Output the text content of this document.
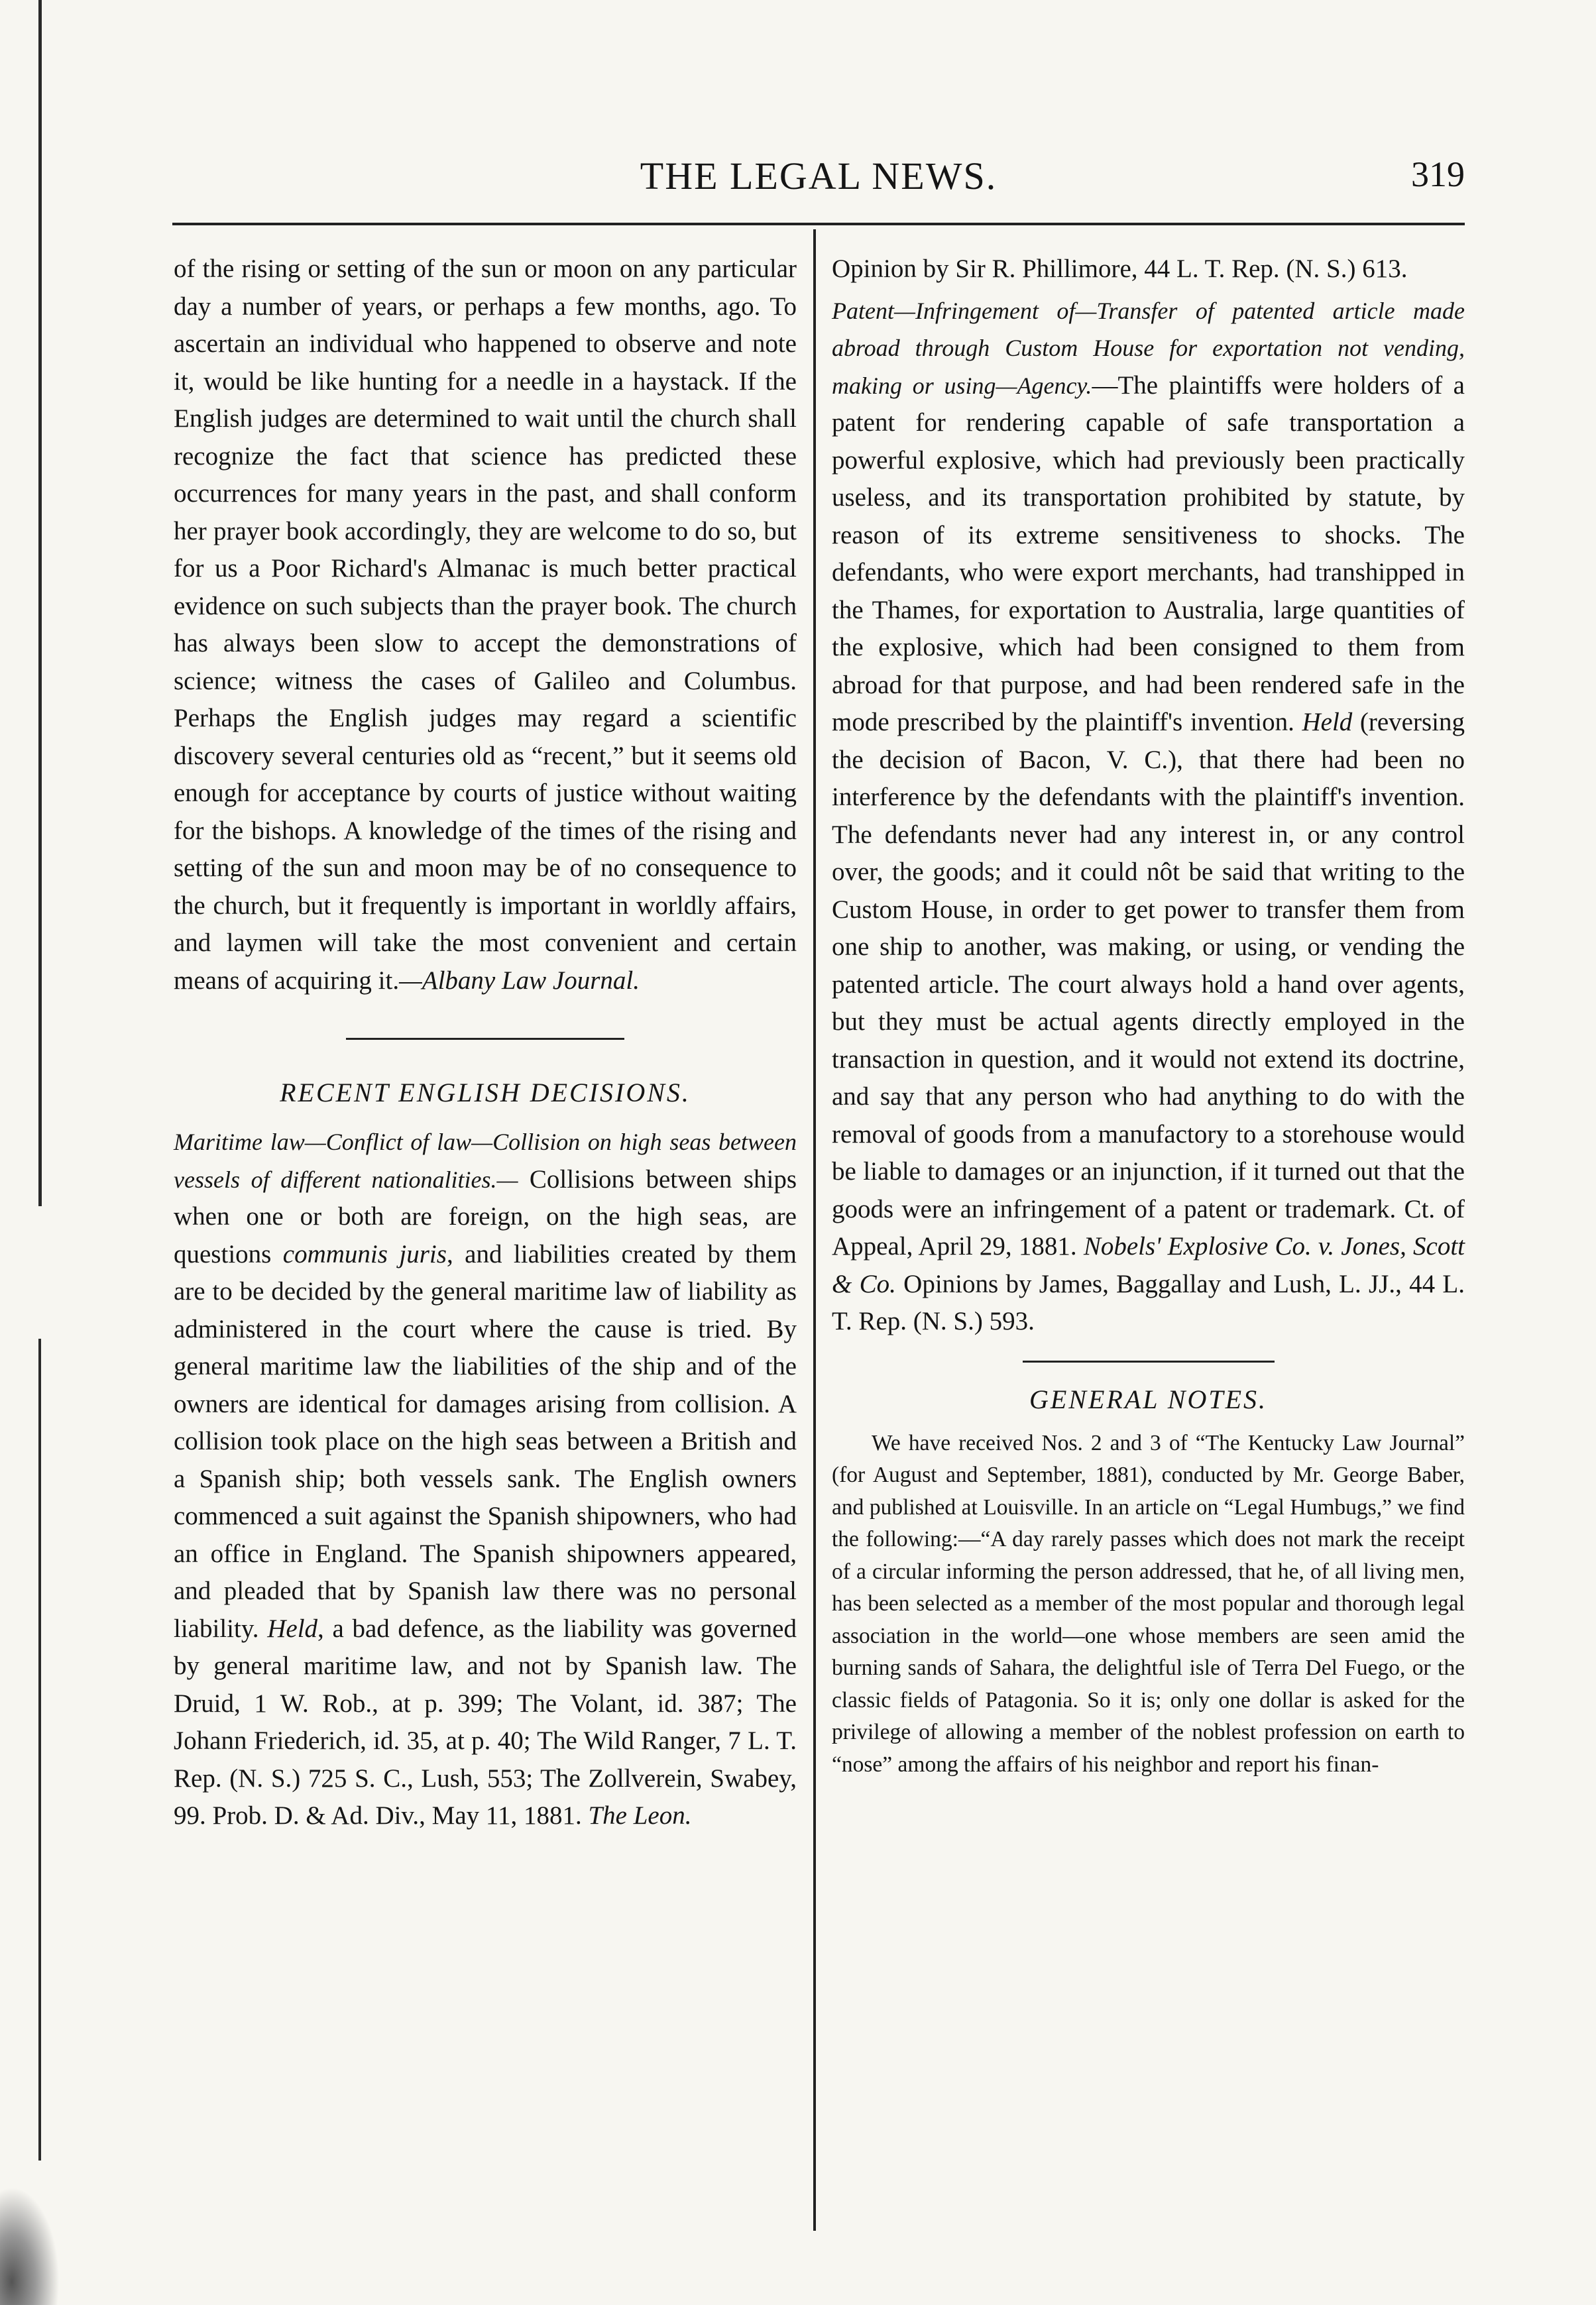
THE LEGAL NEWS.	319

of the rising or setting of the sun or moon on any particular day a number of years, or perhaps a few months, ago. To ascertain an individual who happened to observe and note it, would be like hunting for a needle in a haystack. If the English judges are determined to wait until the church shall recognize the fact that science has predicted these occurrences for many years in the past, and shall conform her prayer book accordingly, they are welcome to do so, but for us a Poor Richard's Almanac is much better practical evidence on such subjects than the prayer book. The church has always been slow to accept the demonstrations of science; witness the cases of Galileo and Columbus. Perhaps the English judges may regard a scientific discovery several centuries old as “recent,” but it seems old enough for acceptance by courts of justice without waiting for the bishops. A knowledge of the times of the rising and setting of the sun and moon may be of no consequence to the church, but it frequently is important in worldly affairs, and laymen will take the most convenient and certain means of acquiring it.—Albany Law Journal.

RECENT ENGLISH DECISIONS.

Maritime law—Conflict of law—Collision on high seas between vessels of different nationalities.— Collisions between ships when one or both are foreign, on the high seas, are questions communis juris, and liabilities created by them are to be decided by the general maritime law of liability as administered in the court where the cause is tried. By general maritime law the liabilities of the ship and of the owners are identical for damages arising from collision. A collision took place on the high seas between a British and a Spanish ship; both vessels sank. The English owners commenced a suit against the Spanish shipowners, who had an office in England. The Spanish shipowners appeared, and pleaded that by Spanish law there was no personal liability. Held, a bad defence, as the liability was governed by general maritime law, and not by Spanish law. The Druid, 1 W. Rob., at p. 399; The Volant, id. 387; The Johann Friederich, id. 35, at p. 40; The Wild Ranger, 7 L. T. Rep. (N. S.) 725 S. C., Lush, 553; The Zollverein, Swabey, 99. Prob. D. & Ad. Div., May 11, 1881. The Leon.

Opinion by Sir R. Phillimore, 44 L. T. Rep. (N. S.) 613.

Patent—Infringement of—Transfer of patented article made abroad through Custom House for exportation not vending, making or using—Agency.—The plaintiffs were holders of a patent for rendering capable of safe transportation a powerful explosive, which had previously been practically useless, and its transportation prohibited by statute, by reason of its extreme sensitiveness to shocks. The defendants, who were export merchants, had transhipped in the Thames, for exportation to Australia, large quantities of the explosive, which had been consigned to them from abroad for that purpose, and had been rendered safe in the mode prescribed by the plaintiff's invention. Held (reversing the decision of Bacon, V. C.), that there had been no interference by the defendants with the plaintiff's invention. The defendants never had any interest in, or any control over, the goods; and it could nôt be said that writing to the Custom House, in order to get power to transfer them from one ship to another, was making, or using, or vending the patented article. The court always hold a hand over agents, but they must be actual agents directly employed in the transaction in question, and it would not extend its doctrine, and say that any person who had anything to do with the removal of goods from a manufactory to a storehouse would be liable to damages or an injunction, if it turned out that the goods were an infringement of a patent or trademark. Ct. of Appeal, April 29, 1881. Nobels' Explosive Co. v. Jones, Scott & Co. Opinions by James, Baggallay and Lush, L. JJ., 44 L. T. Rep. (N. S.) 593.

GENERAL NOTES.

We have received Nos. 2 and 3 of “The Kentucky Law Journal” (for August and September, 1881), conducted by Mr. George Baber, and published at Louisville. In an article on “Legal Humbugs,” we find the following:—“A day rarely passes which does not mark the receipt of a circular informing the person addressed, that he, of all living men, has been selected as a member of the most popular and thorough legal association in the world—one whose members are seen amid the burning sands of Sahara, the delightful isle of Terra Del Fuego, or the classic fields of Patagonia. So it is; only one dollar is asked for the privilege of allowing a member of the noblest profession on earth to “nose” among the affairs of his neighbor and report his finan-
